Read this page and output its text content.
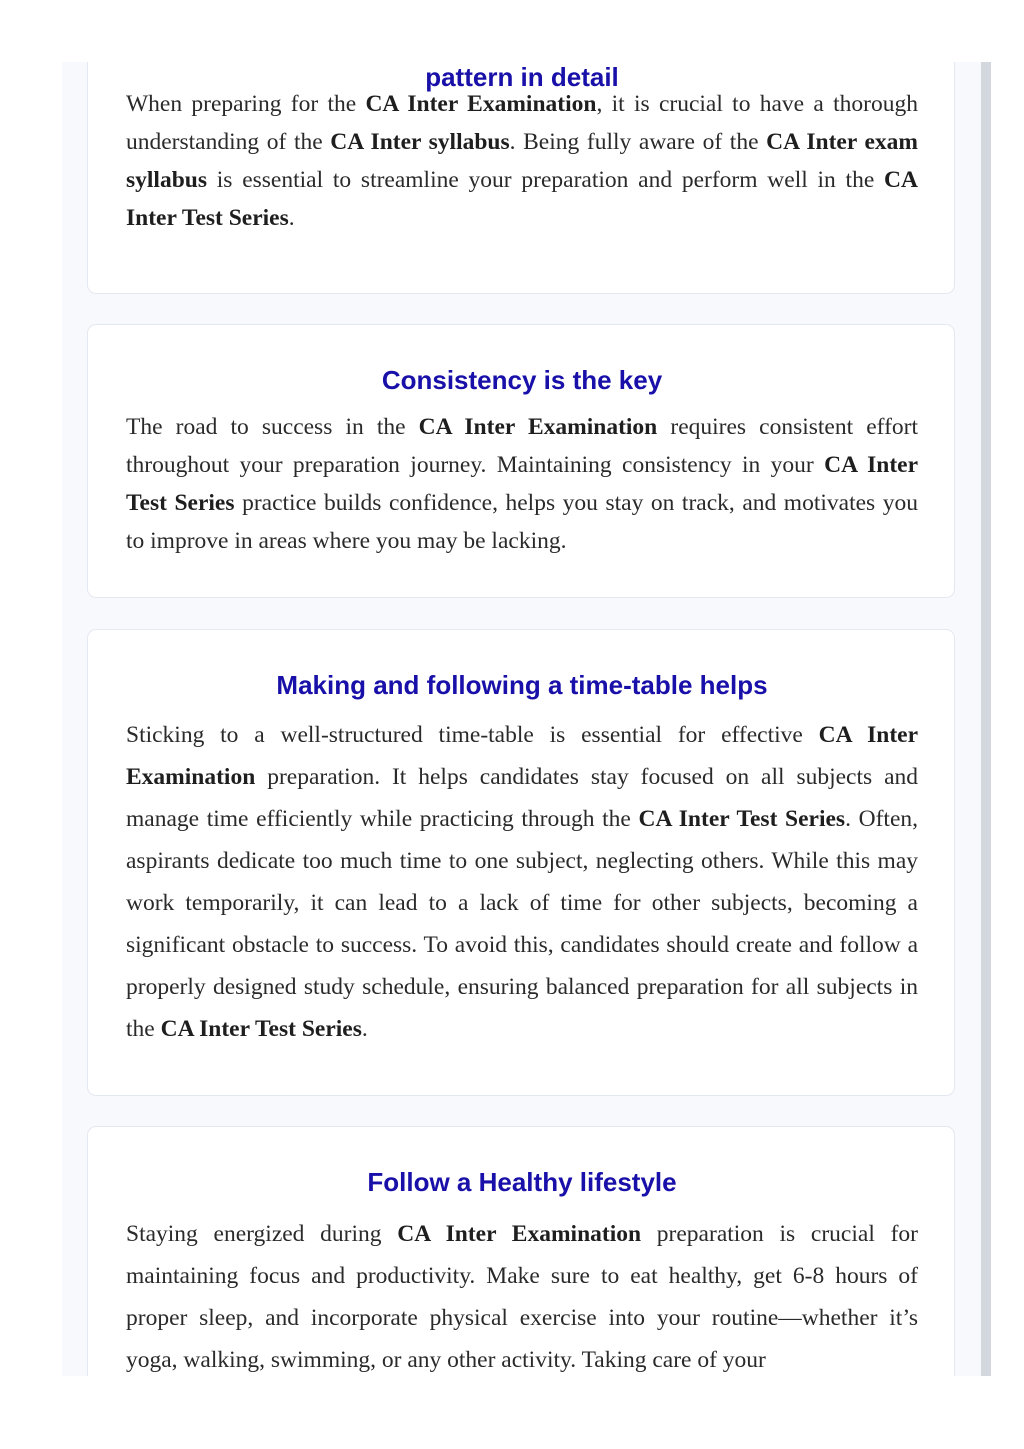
pattern in detail

When preparing for the CA Inter Examination, it is crucial to have a thorough understanding of the CA Inter syllabus. Being fully aware of the CA Inter exam syllabus is essential to streamline your preparation and perform well in the CA Inter Test Series.

Consistency is the key

The road to success in the CA Inter Examination requires consistent effort throughout your preparation journey. Maintaining consistency in your CA Inter Test Series practice builds confidence, helps you stay on track, and motivates you to improve in areas where you may be lacking.

Making and following a time-table helps

Sticking to a well-structured time-table is essential for effective CA Inter Examination preparation. It helps candidates stay focused on all subjects and manage time efficiently while practicing through the CA Inter Test Series. Often, aspirants dedicate too much time to one subject, neglecting others. While this may work temporarily, it can lead to a lack of time for other subjects, becoming a significant obstacle to success. To avoid this, candidates should create and follow a properly designed study schedule, ensuring balanced preparation for all subjects in the CA Inter Test Series.

Follow a Healthy lifestyle

Staying energized during CA Inter Examination preparation is crucial for maintaining focus and productivity. Make sure to eat healthy, get 6-8 hours of proper sleep, and incorporate physical exercise into your routine—whether it’s yoga, walking, swimming, or any other activity. Taking care of your
